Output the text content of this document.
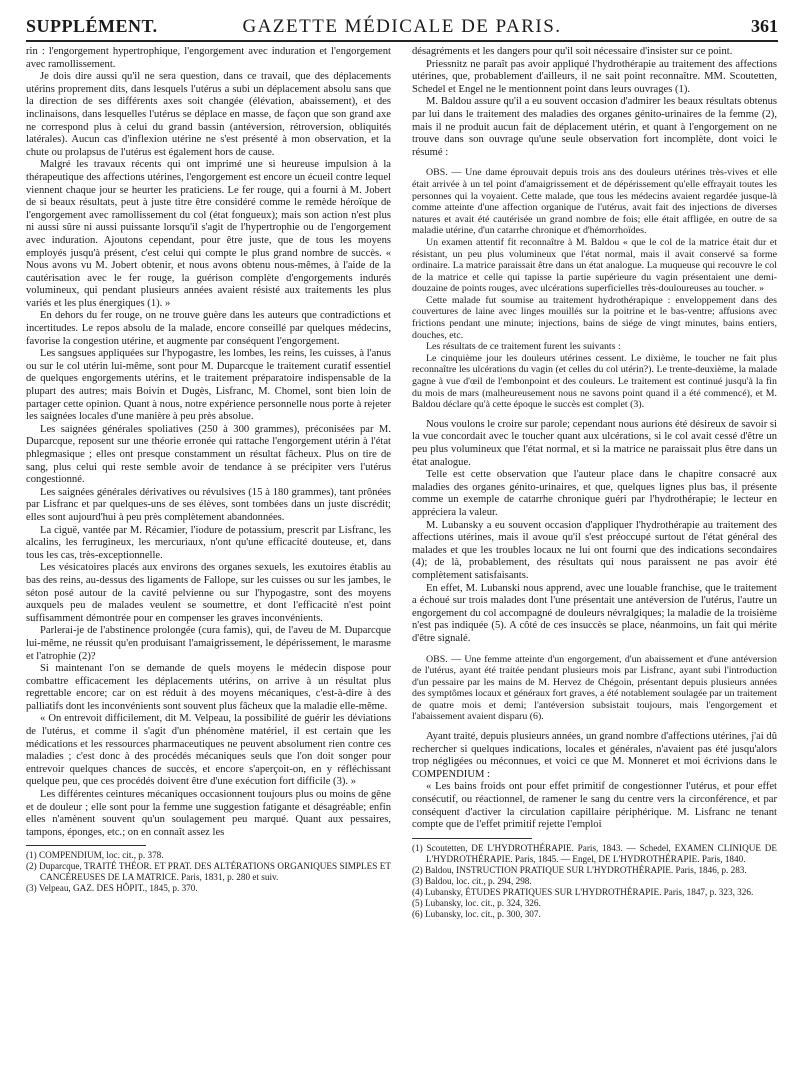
SUPPLÉMENT.	GAZETTE MÉDICALE DE PARIS.	361

rin : l'engorgement hypertrophique, l'engorgement avec induration et l'engorgement avec ramollissement.

Je dois dire aussi qu'il ne sera question, dans ce travail, que des déplacements utérins proprement dits, dans lesquels l'utérus a subi un déplacement absolu sans que la direction de ses différents axes soit changée (élévation, abaissement), et des inclinaisons, dans lesquelles l'utérus se déplace en masse, de façon que son grand axe ne correspond plus à celui du grand bassin (antéversion, rétroversion, obliquités latérales). Aucun cas d'inflexion utérine ne s'est présenté à mon observation, et la chute ou prolapsus de l'utérus est également hors de cause.

Malgré les travaux récents qui ont imprimé une si heureuse impulsion à la thérapeutique des affections utérines, l'engorgement est encore un écueil contre lequel viennent chaque jour se heurter les praticiens. Le fer rouge, qui a fourni à M. Jobert de si beaux résultats, peut à juste titre être considéré comme le remède héroïque de l'engorgement avec ramollissement du col (état fongueux); mais son action n'est plus ni aussi sûre ni aussi puissante lorsqu'il s'agit de l'hypertrophie ou de l'engorgement avec induration. Ajoutons cependant, pour être juste, que de tous les moyens employés jusqu'à présent, c'est celui qui compte le plus grand nombre de succès. « Nous avons vu M. Jobert obtenir, et nous avons obtenu nous-mêmes, à l'aide de la cautérisation avec le fer rouge, la guérison complète d'engorgements indurés volumineux, qui pendant plusieurs années avaient résisté aux traitements les plus variés et les plus énergiques (1). »

En dehors du fer rouge, on ne trouve guère dans les auteurs que contradictions et incertitudes. Le repos absolu de la malade, encore conseillé par quelques médecins, favorise la congestion utérine, et augmente par conséquent l'engorgement.

Les sangsues appliquées sur l'hypogastre, les lombes, les reins, les cuisses, à l'anus ou sur le col utérin lui-même, sont pour M. Duparcque le traitement curatif essentiel de quelques engorgements utérins, et le traitement préparatoire indispensable de la plupart des autres; mais Boivin et Dugès, Lisfranc, M. Chomel, sont bien loin de partager cette opinion. Quant à nous, notre expérience personnelle nous porte à rejeter les saignées locales d'une manière à peu près absolue.

Les saignées générales spoliatives (250 à 300 grammes), préconisées par M. Duparcque, reposent sur une théorie erronée qui rattache l'engorgement utérin à l'état phlegmasique ; elles ont presque constamment un résultat fâcheux. Plus on tire de sang, plus celui qui reste semble avoir de tendance à se précipiter vers l'utérus congestionné.

Les saignées générales dérivatives ou révulsives (15 à 180 grammes), tant prônées par Lisfranc et par quelques-uns de ses élèves, sont tombées dans un juste discrédit; elles sont aujourd'hui à peu près complètement abandonnées.

La ciguë, vantée par M. Récamier, l'iodure de potassium, prescrit par Lisfranc, les alcalins, les ferrugineux, les mercuriaux, n'ont qu'une efficacité douteuse, et, dans tous les cas, très-exceptionnelle.

Les vésicatoires placés aux environs des organes sexuels, les exutoires établis au bas des reins, au-dessus des ligaments de Fallope, sur les cuisses ou sur les jambes, le séton posé autour de la cavité pelvienne ou sur l'hypogastre, sont des moyens auxquels peu de malades veulent se soumettre, et dont l'efficacité n'est point suffisamment démontrée pour en compenser les graves inconvénients.

Parlerai-je de l'abstinence prolongée (cura famis), qui, de l'aveu de M. Duparcque lui-même, ne réussit qu'en produisant l'amaigrissement, le dépérissement, le marasme et l'atrophie (2)?

Si maintenant l'on se demande de quels moyens le médecin dispose pour combattre efficacement les déplacements utérins, on arrive à un résultat plus regrettable encore; car on est réduit à des moyens mécaniques, c'est-à-dire à des palliatifs dont les inconvénients sont souvent plus fâcheux que la maladie elle-même.

« On entrevoit difficilement, dit M. Velpeau, la possibilité de guérir les déviations de l'utérus, et comme il s'agit d'un phénomène matériel, il est certain que les médications et les ressources pharmaceutiques ne peuvent absolument rien contre ces maladies ; c'est donc à des procédés mécaniques seuls que l'on doit songer pour entrevoir quelques chances de succès, et encore s'aperçoit-on, en y réfléchissant quelque peu, que ces procédés doivent être d'une exécution fort difficile (3). »

Les différentes ceintures mécaniques occasionnent toujours plus ou moins de gêne et de douleur ; elle sont pour la femme une suggestion fatigante et désagréable; enfin elles n'amènent souvent qu'un soulagement peu marqué. Quant aux pessaires, tampons, éponges, etc.; on en connaît assez les

(1) COMPENDIUM, loc. cit., p. 378.

(2) Duparcque, TRAITÉ THÉOR. ET PRAT. DES ALTÉRATIONS ORGANIQUES SIMPLES ET CANCÉREUSES DE LA MATRICE. Paris, 1831, p. 280 et suiv.

(3) Velpeau, GAZ. DES HÔPIT., 1845, p. 370.

désagréments et les dangers pour qu'il soit nécessaire d'insister sur ce point.

Priessnitz ne paraît pas avoir appliqué l'hydrothérapie au traitement des affections utérines, que, probablement d'ailleurs, il ne sait point reconnaître. MM. Scoutetten, Schedel et Engel ne le mentionnent point dans leurs ouvrages (1).

M. Baldou assure qu'il a eu souvent occasion d'admirer les beaux résultats obtenus par lui dans le traitement des maladies des organes génito-urinaires de la femme (2), mais il ne produit aucun fait de déplacement utérin, et quant à l'engorgement on ne trouve dans son ouvrage qu'une seule observation fort incomplète, dont voici le résumé :

OBS. — Une dame éprouvait depuis trois ans des douleurs utérines très-vives et elle était arrivée à un tel point d'amaigrissement et de dépérissement qu'elle effrayait toutes les personnes qui la voyaient. Cette malade, que tous les médecins avaient regardée jusque-là comme atteinte d'une affection organique de l'utérus, avait fait des injections de diverses natures et avait été cautérisée un grand nombre de fois; elle était affligée, en outre de sa maladie utérine, d'un catarrhe chronique et d'hémorrhoïdes.

Un examen attentif fit reconnaître à M. Baldou « que le col de la matrice était dur et résistant, un peu plus volumineux que l'état normal, mais il avait conservé sa forme ordinaire. La matrice paraissait être dans un état analogue. La muqueuse qui recouvre le col de la matrice et celle qui tapisse la partie supérieure du vagin présentaient une demi-douzaine de points rouges, avec ulcérations superficielles très-douloureuses au toucher. »

Cette malade fut soumise au traitement hydrothérapique : enveloppement dans des couvertures de laine avec linges mouillés sur la poitrine et le bas-ventre; affusions avec frictions pendant une minute; injections, bains de siége de vingt minutes, bains entiers, douches, etc.

Les résultats de ce traitement furent les suivants :

Le cinquième jour les douleurs utérines cessent. Le dixième, le toucher ne fait plus reconnaître les ulcérations du vagin (et celles du col utérin?). Le trente-deuxième, la malade gagne à vue d'œil de l'embonpoint et des couleurs. Le traitement est continué jusqu'à la fin du mois de mars (malheureusement nous ne savons point quand il a été commencé), et M. Baldou déclare qu'à cette époque le succès est complet (3).

Nous voulons le croire sur parole; cependant nous aurions été désireux de savoir si la vue concordait avec le toucher quant aux ulcérations, si le col avait cessé d'être un peu plus volumineux que l'état normal, et si la matrice ne paraissait plus être dans un état analogue.

Telle est cette observation que l'auteur place dans le chapitre consacré aux maladies des organes génito-urinaires, et que, quelques lignes plus bas, il présente comme un exemple de catarrhe chronique guéri par l'hydrothérapie; le lecteur en appréciera la valeur.

M. Lubansky a eu souvent occasion d'appliquer l'hydrothérapie au traitement des affections utérines, mais il avoue qu'il s'est préoccupé surtout de l'état général des malades et que les troubles locaux ne lui ont fourni que des indications secondaires (4); de là, probablement, des résultats qui nous paraissent ne pas avoir été complètement satisfaisants.

En effet, M. Lubanski nous apprend, avec une louable franchise, que le traitement a échoué sur trois malades dont l'une présentait une antéversion de l'utérus, l'autre un engorgement du col accompagné de douleurs névralgiques; la maladie de la troisième n'est pas indiquée (5). A côté de ces insuccès se place, néanmoins, un fait qui mérite d'être signalé.

OBS. — Une femme atteinte d'un engorgement, d'un abaissement et d'une antéversion de l'utérus, ayant été traitée pendant plusieurs mois par Lisfranc, ayant subi l'introduction d'un pessaire par les mains de M. Hervez de Chégoin, présentant depuis plusieurs années des symptômes locaux et généraux fort graves, a été notablement soulagée par un traitement de quatre mois et demi; l'antéversion subsistait toujours, mais l'engorgement et l'abaissement avaient disparu (6).

Ayant traité, depuis plusieurs années, un grand nombre d'affections utérines, j'ai dû rechercher si quelques indications, locales et générales, n'avaient pas été jusqu'alors trop négligées ou méconnues, et voici ce que M. Monneret et moi écrivions dans le COMPENDIUM :

« Les bains froids ont pour effet primitif de congestionner l'utérus, et pour effet consécutif, ou réactionnel, de ramener le sang du centre vers la circonférence, et par conséquent d'activer la circulation capillaire périphérique. M. Lisfranc ne tenant compte que de l'effet primitif rejette l'emploi

(1) Scoutetten, DE L'HYDROTHÉRAPIE. Paris, 1843. — Schedel, EXAMEN CLINIQUE DE L'HYDROTHÉRAPIE. Paris, 1845. — Engel, DE L'HYDROTHÉRAPIE. Paris, 1840.

(2) Baldou, INSTRUCTION PRATIQUE SUR L'HYDROTHÉRAPIE. Paris, 1846, p. 283.

(3) Baldou, loc. cit., p. 294, 298.

(4) Lubansky, ÉTUDES PRATIQUES SUR L'HYDROTHÉRAPIE. Paris, 1847, p. 323, 326.

(5) Lubansky, loc. cit., p. 324, 326.

(6) Lubansky, loc. cit., p. 300, 307.
